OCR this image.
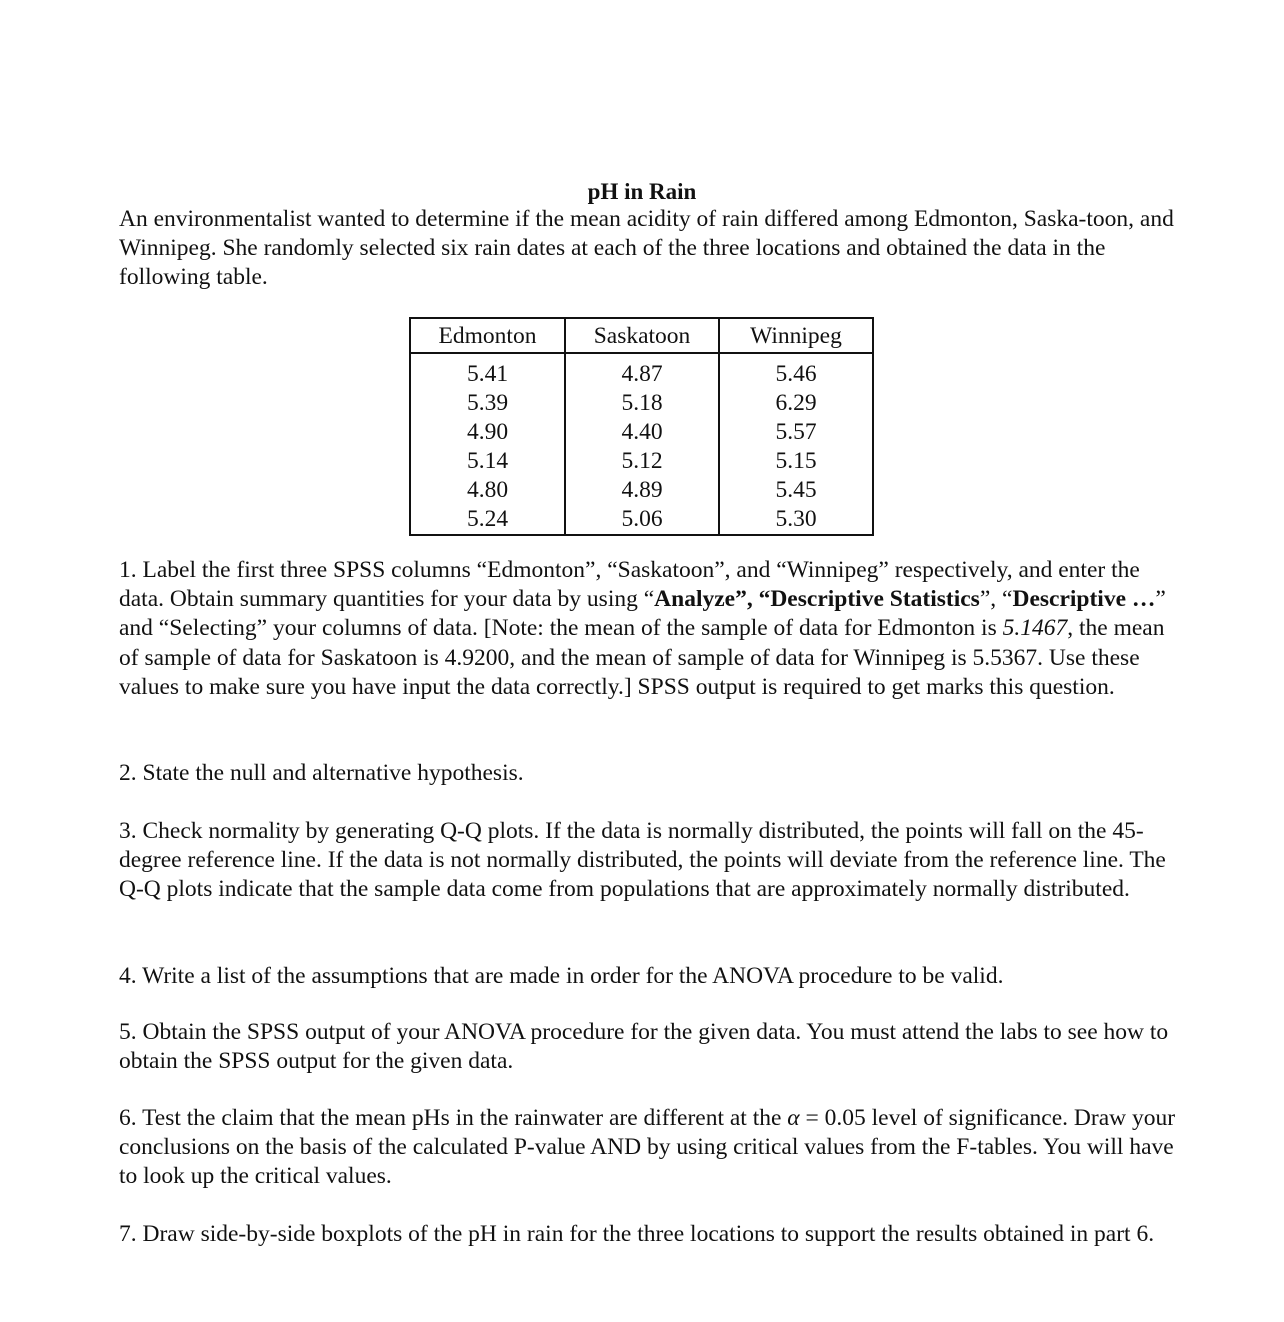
pH in Rain

An environmentalist wanted to determine if the mean acidity of rain differed among Edmonton, Saska-toon, and Winnipeg. She randomly selected six rain dates at each of the three locations and obtained the data in the following table.

Edmonton	Saskatoon	Winnipeg
5.41	4.87	5.46
5.39	5.18	6.29
4.90	4.40	5.57
5.14	5.12	5.15
4.80	4.89	5.45
5.24	5.06	5.30

1. Label the first three SPSS columns “Edmonton”, “Saskatoon”, and “Winnipeg” respectively, and enter the data. Obtain summary quantities for your data by using “Analyze”, “Descriptive Statistics”, “Descriptive …” and “Selecting” your columns of data. [Note: the mean of the sample of data for Edmonton is 5.1467, the mean of sample of data for Saskatoon is 4.9200, and the mean of sample of data for Winnipeg is 5.5367. Use these values to make sure you have input the data correctly.] SPSS output is required to get marks this question.

2. State the null and alternative hypothesis.

3. Check normality by generating Q-Q plots. If the data is normally distributed, the points will fall on the 45-degree reference line. If the data is not normally distributed, the points will deviate from the reference line. The Q-Q plots indicate that the sample data come from populations that are approximately normally distributed.

4. Write a list of the assumptions that are made in order for the ANOVA procedure to be valid.

5. Obtain the SPSS output of your ANOVA procedure for the given data. You must attend the labs to see how to obtain the SPSS output for the given data.

6. Test the claim that the mean pHs in the rainwater are different at the α = 0.05 level of significance. Draw your conclusions on the basis of the calculated P-value AND by using critical values from the F-tables. You will have to look up the critical values.

7. Draw side-by-side boxplots of the pH in rain for the three locations to support the results obtained in part 6.
